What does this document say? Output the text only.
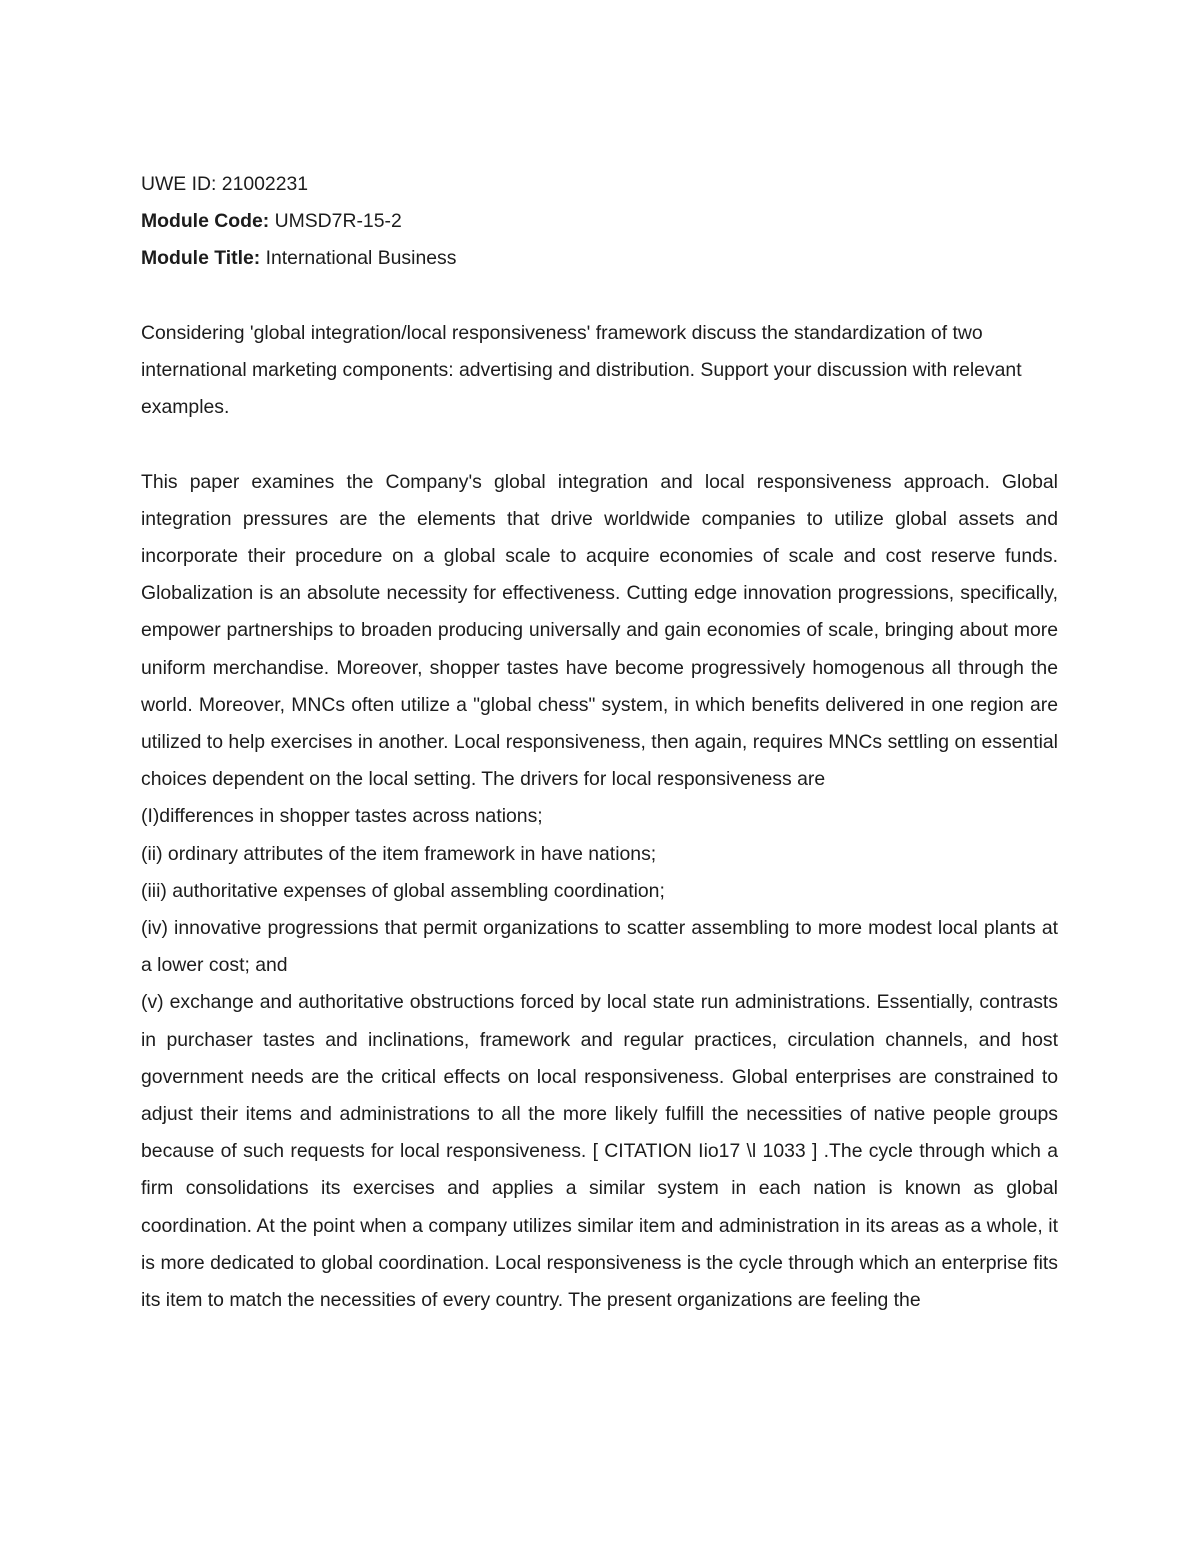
UWE ID: 21002231

Module Code: UMSD7R-15-2

Module Title: International Business

Considering 'global integration/local responsiveness' framework discuss the standardization of two international marketing components: advertising and distribution. Support your discussion with relevant examples.

This paper examines the Company's global integration and local responsiveness approach. Global integration pressures are the elements that drive worldwide companies to utilize global assets and incorporate their procedure on a global scale to acquire economies of scale and cost reserve funds. Globalization is an absolute necessity for effectiveness. Cutting edge innovation progressions, specifically, empower partnerships to broaden producing universally and gain economies of scale, bringing about more uniform merchandise. Moreover, shopper tastes have become progressively homogenous all through the world. Moreover, MNCs often utilize a "global chess" system, in which benefits delivered in one region are utilized to help exercises in another. Local responsiveness, then again, requires MNCs settling on essential choices dependent on the local setting. The drivers for local responsiveness are

(I)differences in shopper tastes across nations;

(ii) ordinary attributes of the item framework in have nations;

(iii) authoritative expenses of global assembling coordination;

(iv) innovative progressions that permit organizations to scatter assembling to more modest local plants at a lower cost; and

(v) exchange and authoritative obstructions forced by local state run administrations. Essentially, contrasts in purchaser tastes and inclinations, framework and regular practices, circulation channels, and host government needs are the critical effects on local responsiveness. Global enterprises are constrained to adjust their items and administrations to all the more likely fulfill the necessities of native people groups because of such requests for local responsiveness. [ CITATION Iio17 \l 1033 ] .The cycle through which a firm consolidations its exercises and applies a similar system in each nation is known as global coordination. At the point when a company utilizes similar item and administration in its areas as a whole, it is more dedicated to global coordination. Local responsiveness is the cycle through which an enterprise fits its item to match the necessities of every country. The present organizations are feeling the
